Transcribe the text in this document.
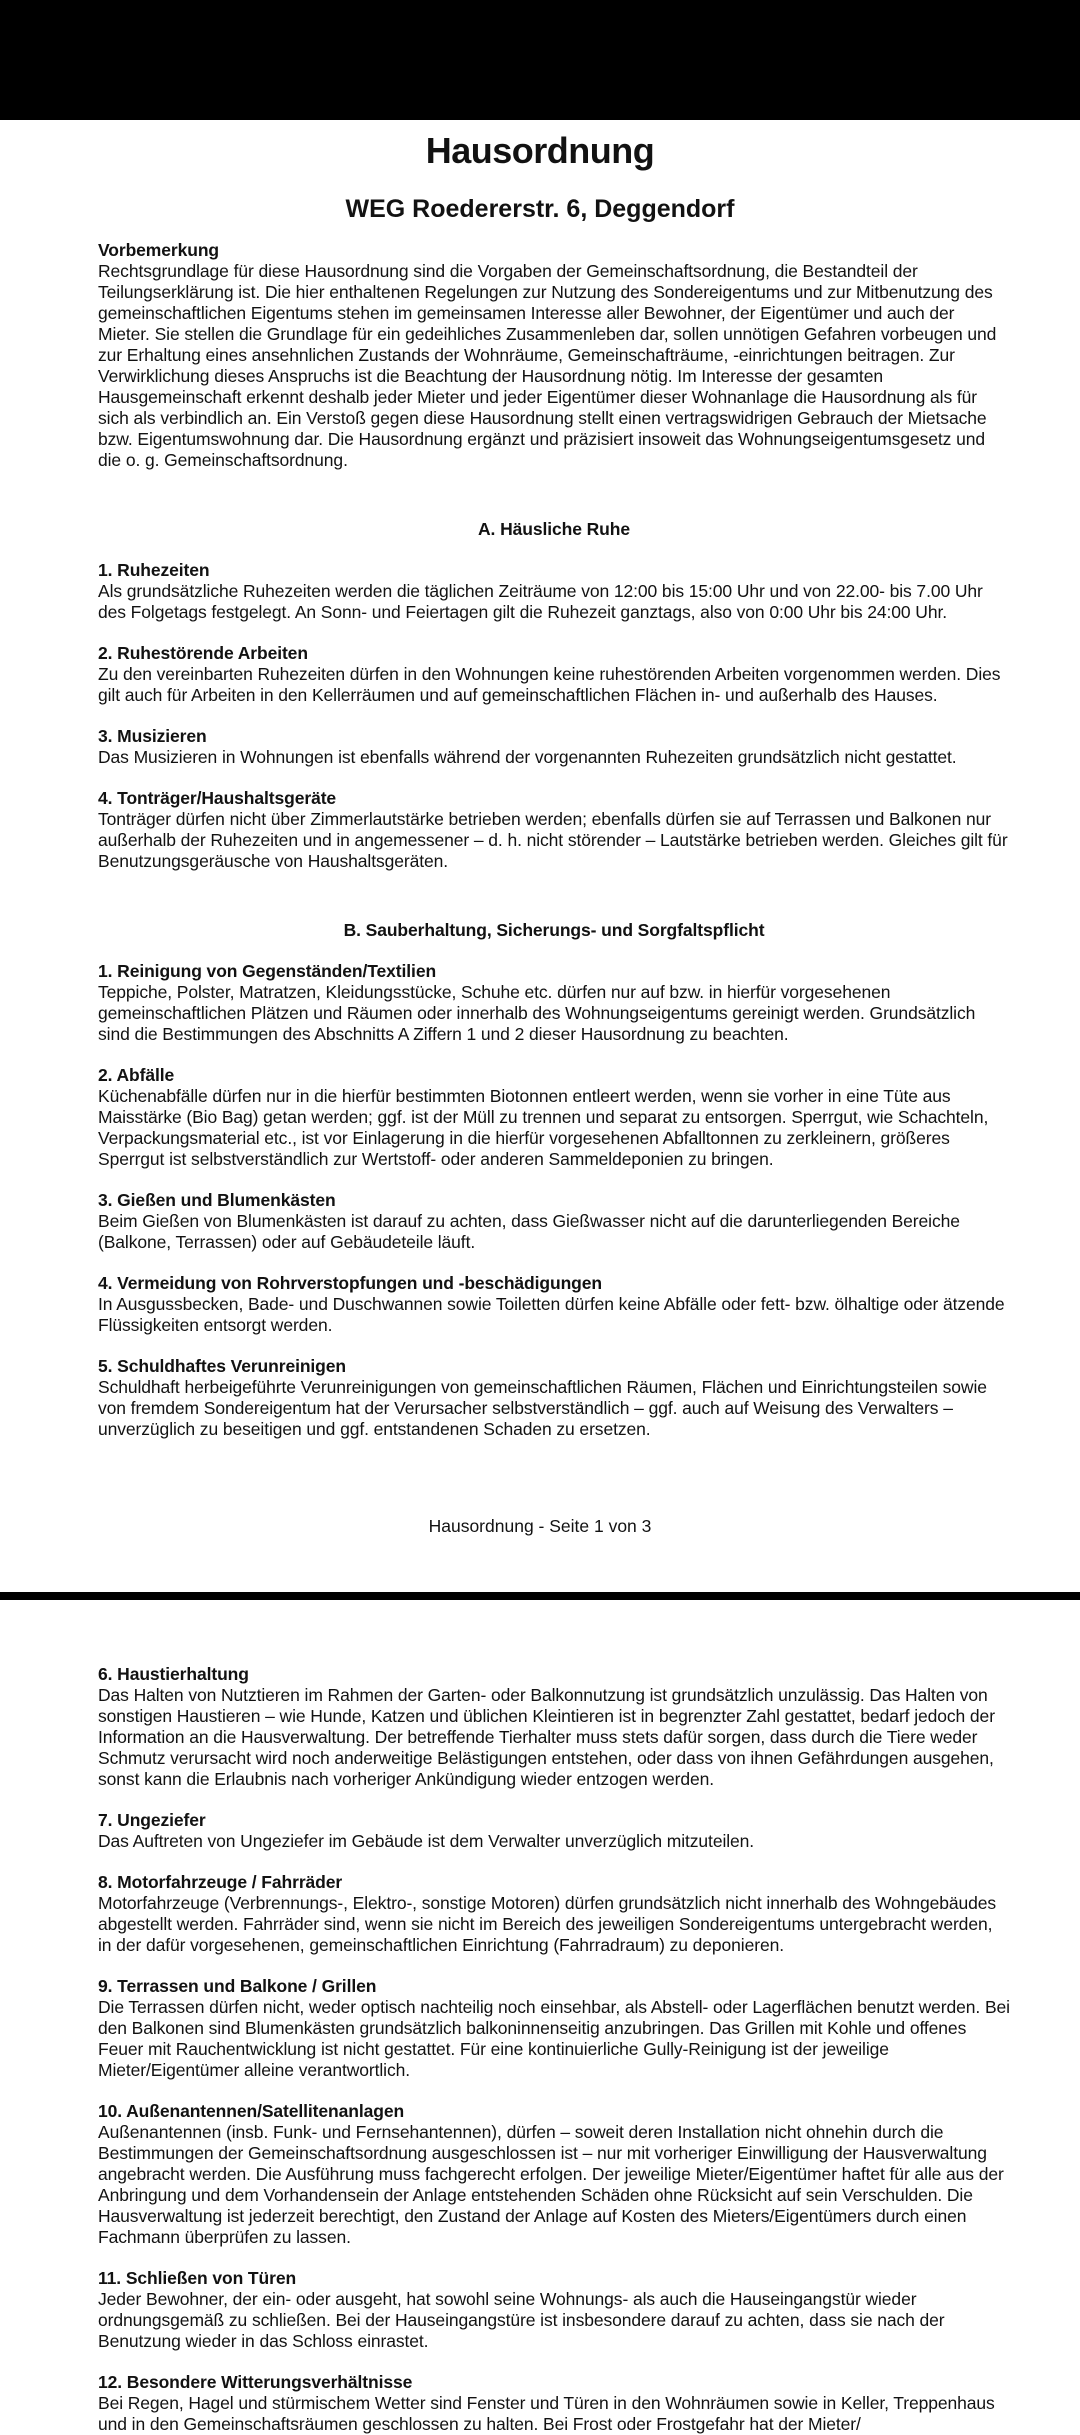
Hausordnung
WEG Roedererstr. 6, Deggendorf
Vorbemerkung

Rechtsgrundlage für diese Hausordnung sind die Vorgaben der Gemeinschaftsordnung, die Bestandteil der Teilungserklärung ist. Die hier enthaltenen Regelungen zur Nutzung des Sondereigentums und zur Mitbenutzung des gemeinschaftlichen Eigentums stehen im gemeinsamen Interesse aller Bewohner, der Eigentümer und auch der Mieter. Sie stellen die Grundlage für ein gedeihliches Zusammenleben dar, sollen unnötigen Gefahren vorbeugen und zur Erhaltung eines ansehnlichen Zustands der Wohnräume, Gemeinschafträume, -einrichtungen beitragen. Zur Verwirklichung dieses Anspruchs ist die Beachtung der Hausordnung nötig. Im Interesse der gesamten Hausgemeinschaft erkennt deshalb jeder Mieter und jeder Eigentümer dieser Wohnanlage die Hausordnung als für sich als verbindlich an. Ein Verstoß gegen diese Hausordnung stellt einen vertragswidrigen Gebrauch der Mietsache bzw. Eigentumswohnung dar. Die Hausordnung ergänzt und präzisiert insoweit das Wohnungseigentumsgesetz und die o. g. Gemeinschaftsordnung.

A. Häusliche Ruhe
1. Ruhezeiten

Als grundsätzliche Ruhezeiten werden die täglichen Zeiträume von 12:00 bis 15:00 Uhr und von 22.00- bis 7.00 Uhr des Folgetags festgelegt. An Sonn- und Feiertagen gilt die Ruhezeit ganztags, also von 0:00 Uhr bis 24:00 Uhr.

2. Ruhestörende Arbeiten

Zu den vereinbarten Ruhezeiten dürfen in den Wohnungen keine ruhestörenden Arbeiten vorgenommen werden. Dies gilt auch für Arbeiten in den Kellerräumen und auf gemeinschaftlichen Flächen in- und außerhalb des Hauses.

3. Musizieren

Das Musizieren in Wohnungen ist ebenfalls während der vorgenannten Ruhezeiten grundsätzlich nicht gestattet.

4. Tonträger/Haushaltsgeräte

Tonträger dürfen nicht über Zimmerlautstärke betrieben werden; ebenfalls dürfen sie auf Terrassen und Balkonen nur außerhalb der Ruhezeiten und in angemessener – d. h. nicht störender – Lautstärke betrieben werden. Gleiches gilt für Benutzungsgeräusche von Haushaltsgeräten.

B. Sauberhaltung, Sicherungs- und Sorgfaltspflicht
1. Reinigung von Gegenständen/Textilien

Teppiche, Polster, Matratzen, Kleidungsstücke, Schuhe etc. dürfen nur auf bzw. in hierfür vorgesehenen gemeinschaftlichen Plätzen und Räumen oder innerhalb des Wohnungseigentums gereinigt werden. Grundsätzlich sind die Bestimmungen des Abschnitts A Ziffern 1 und 2 dieser Hausordnung zu beachten.

2. Abfälle

Küchenabfälle dürfen nur in die hierfür bestimmten Biotonnen entleert werden, wenn sie vorher in eine Tüte aus Maisstärke (Bio Bag) getan werden; ggf. ist der Müll zu trennen und separat zu entsorgen. Sperrgut, wie Schachteln, Verpackungsmaterial etc., ist vor Einlagerung in die hierfür vorgesehenen Abfalltonnen zu zerkleinern, größeres Sperrgut ist selbstverständlich zur Wertstoff- oder anderen Sammeldeponien zu bringen.

3. Gießen und Blumenkästen

Beim Gießen von Blumenkästen ist darauf zu achten, dass Gießwasser nicht auf die darunterliegenden Bereiche (Balkone, Terrassen) oder auf Gebäudeteile läuft.

4. Vermeidung von Rohrverstopfungen und -beschädigungen

In Ausgussbecken, Bade- und Duschwannen sowie Toiletten dürfen keine Abfälle oder fett- bzw. ölhaltige oder ätzende Flüssigkeiten entsorgt werden.

5. Schuldhaftes Verunreinigen

Schuldhaft herbeigeführte Verunreinigungen von gemeinschaftlichen Räumen, Flächen und Einrichtungsteilen sowie von fremdem Sondereigentum hat der Verursacher selbstverständlich – ggf. auch auf Weisung des Verwalters – unverzüglich zu beseitigen und ggf. entstandenen Schaden zu ersetzen.

Hausordnung - Seite 1 von 3
6. Haustierhaltung

Das Halten von Nutztieren im Rahmen der Garten- oder Balkonnutzung ist grundsätzlich unzulässig. Das Halten von sonstigen Haustieren – wie Hunde, Katzen und üblichen Kleintieren ist in begrenzter Zahl gestattet, bedarf jedoch der Information an die Hausverwaltung. Der betreffende Tierhalter muss stets dafür sorgen, dass durch die Tiere weder Schmutz verursacht wird noch anderweitige Belästigungen entstehen, oder dass von ihnen Gefährdungen ausgehen, sonst kann die Erlaubnis nach vorheriger Ankündigung wieder entzogen werden.

7. Ungeziefer

Das Auftreten von Ungeziefer im Gebäude ist dem Verwalter unverzüglich mitzuteilen.

8. Motorfahrzeuge / Fahrräder

Motorfahrzeuge (Verbrennungs-, Elektro-, sonstige Motoren) dürfen grundsätzlich nicht innerhalb des Wohngebäudes abgestellt werden. Fahrräder sind, wenn sie nicht im Bereich des jeweiligen Sondereigentums untergebracht werden, in der dafür vorgesehenen, gemeinschaftlichen Einrichtung (Fahrradraum) zu deponieren.

9. Terrassen und Balkone / Grillen

Die Terrassen dürfen nicht, weder optisch nachteilig noch einsehbar, als Abstell- oder Lagerflächen benutzt werden. Bei den Balkonen sind Blumenkästen grundsätzlich balkoninnenseitig anzubringen. Das Grillen mit Kohle und offenes Feuer mit Rauchentwicklung ist nicht gestattet. Für eine kontinuierliche Gully-Reinigung ist der jeweilige Mieter/Eigentümer alleine verantwortlich.

10. Außenantennen/Satellitenanlagen

Außenantennen (insb. Funk- und Fernsehantennen), dürfen – soweit deren Installation nicht ohnehin durch die Bestimmungen der Gemeinschaftsordnung ausgeschlossen ist – nur mit vorheriger Einwilligung der Hausverwaltung angebracht werden. Die Ausführung muss fachgerecht erfolgen. Der jeweilige Mieter/Eigentümer haftet für alle aus der Anbringung und dem Vorhandensein der Anlage entstehenden Schäden ohne Rücksicht auf sein Verschulden. Die Hausverwaltung ist jederzeit berechtigt, den Zustand der Anlage auf Kosten des Mieters/Eigentümers durch einen Fachmann überprüfen zu lassen.

11. Schließen von Türen

Jeder Bewohner, der ein- oder ausgeht, hat sowohl seine Wohnungs- als auch die Hauseingangstür wieder ordnungsgemäß zu schließen. Bei der Hauseingangstüre ist insbesondere darauf zu achten, dass sie nach der Benutzung wieder in das Schloss einrastet.

12. Besondere Witterungsverhältnisse

Bei Regen, Hagel und stürmischem Wetter sind Fenster und Türen in den Wohnräumen sowie in Keller, Treppenhaus und in den Gemeinschaftsräumen geschlossen zu halten. Bei Frost oder Frostgefahr hat der Mieter/
